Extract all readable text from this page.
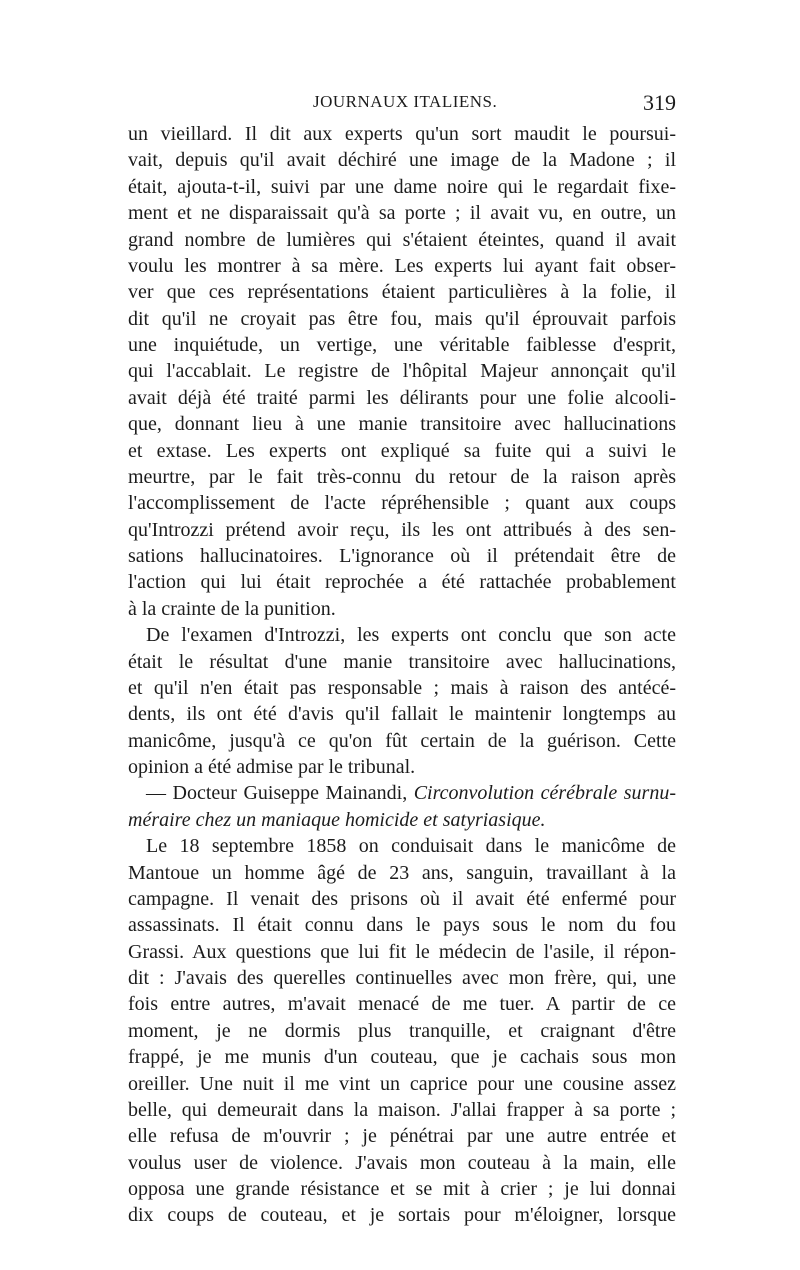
JOURNAUX ITALIENS.	319
un vieillard. Il dit aux experts qu'un sort maudit le poursui-
vait, depuis qu'il avait déchiré une image de la Madone ; il
était, ajouta-t-il, suivi par une dame noire qui le regardait fixe-
ment et ne disparaissait qu'à sa porte ; il avait vu, en outre, un
grand nombre de lumières qui s'étaient éteintes, quand il avait
voulu les montrer à sa mère. Les experts lui ayant fait obser-
ver que ces représentations étaient particulières à la folie, il
dit qu'il ne croyait pas être fou, mais qu'il éprouvait parfois
une inquiétude, un vertige, une véritable faiblesse d'esprit,
qui l'accablait. Le registre de l'hôpital Majeur annonçait qu'il
avait déjà été traité parmi les délirants pour une folie alcooli-
que, donnant lieu à une manie transitoire avec hallucinations
et extase. Les experts ont expliqué sa fuite qui a suivi le
meurtre, par le fait très-connu du retour de la raison après
l'accomplissement de l'acte répréhensible ; quant aux coups
qu'Introzzi prétend avoir reçu, ils les ont attribués à des sen-
sations hallucinatoires. L'ignorance où il prétendait être de
l'action qui lui était reprochée a été rattachée probablement
à la crainte de la punition.
De l'examen d'Introzzi, les experts ont conclu que son acte
était le résultat d'une manie transitoire avec hallucinations,
et qu'il n'en était pas responsable ; mais à raison des antécé-
dents, ils ont été d'avis qu'il fallait le maintenir longtemps au
manicôme, jusqu'à ce qu'on fût certain de la guérison. Cette
opinion a été admise par le tribunal.
— Docteur Guiseppe Mainandi, Circonvolution cérébrale surnu-
méraire chez un maniaque homicide et satyriasique.
Le 18 septembre 1858 on conduisait dans le manicôme de
Mantoue un homme âgé de 23 ans, sanguin, travaillant à la
campagne. Il venait des prisons où il avait été enfermé pour
assassinats. Il était connu dans le pays sous le nom du fou
Grassi. Aux questions que lui fit le médecin de l'asile, il répon-
dit : J'avais des querelles continuelles avec mon frère, qui, une
fois entre autres, m'avait menacé de me tuer. A partir de ce
moment, je ne dormis plus tranquille, et craignant d'être
frappé, je me munis d'un couteau, que je cachais sous mon
oreiller. Une nuit il me vint un caprice pour une cousine assez
belle, qui demeurait dans la maison. J'allai frapper à sa porte ;
elle refusa de m'ouvrir ; je pénétrai par une autre entrée et
voulus user de violence. J'avais mon couteau à la main, elle
opposa une grande résistance et se mit à crier ; je lui donnai
dix coups de couteau, et je sortais pour m'éloigner, lorsque
